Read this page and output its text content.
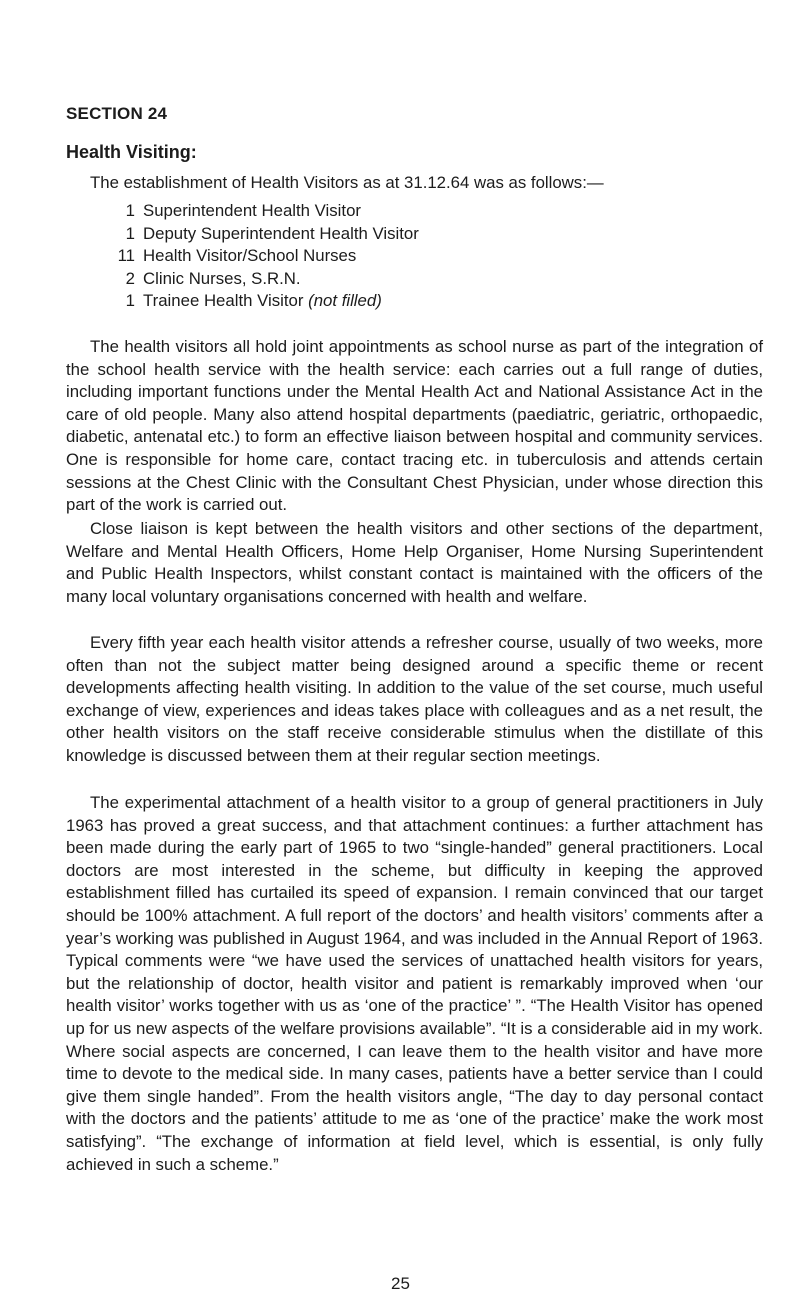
SECTION 24
Health Visiting:

The establishment of Health Visitors as at 31.12.64 was as follows:—

1 Superintendent Health Visitor
1 Deputy Superintendent Health Visitor
11 Health Visitor/School Nurses
2 Clinic Nurses, S.R.N.
1 Trainee Health Visitor
(not filled)

The health visitors all hold joint appointments as school nurse as part of the integration of the school health service with the health service: each carries out a full range of duties, including important functions under the Mental Health Act and National Assistance Act in the care of old people. Many also attend hospital departments (paediatric, geriatric, orthopaedic, diabetic, antenatal etc.) to form an effective liaison between hospital and community services. One is responsible for home care, contact tracing etc. in tuberculosis and attends certain sessions at the Chest Clinic with the Consultant Chest Physician, under whose direction this part of the work is carried out.

Close liaison is kept between the health visitors and other sections of the department, Welfare and Mental Health Officers, Home Help Organiser, Home Nursing Superintendent and Public Health Inspectors, whilst constant contact is maintained with the officers of the many local voluntary organisations concerned with health and welfare.

Every fifth year each health visitor attends a refresher course, usually of two weeks, more often than not the subject matter being designed around a specific theme or recent developments affecting health visiting. In addition to the value of the set course, much useful exchange of view, experiences and ideas takes place with colleagues and as a net result, the other health visitors on the staff receive considerable stimulus when the distillate of this knowledge is discussed between them at their regular section meetings.

The experimental attachment of a health visitor to a group of general practitioners in July 1963 has proved a great success, and that attachment continues: a further attachment has been made during the early part of 1965 to two “single-handed” general practitioners. Local doctors are most interested in the scheme, but difficulty in keeping the approved establishment filled has curtailed its speed of expansion. I remain convinced that our target should be 100% attachment. A full report of the doctors’ and health visitors’ comments after a year’s working was published in August 1964, and was included in the Annual Report of 1963. Typical comments were “we have used the services of unattached health visitors for years, but the relationship of doctor, health visitor and patient is remarkably improved when ‘our health visitor’ works together with us as ‘one of the practice’ ”. “The Health Visitor has opened up for us new aspects of the welfare provisions available”. “It is a considerable aid in my work. Where social aspects are concerned, I can leave them to the health visitor and have more time to devote to the medical side. In many cases, patients have a better service than I could give them single handed”. From the health visitors angle, “The day to day personal contact with the doctors and the patients’ attitude to me as ‘one of the practice’ make the work most satisfying”. “The exchange of information at field level, which is essential, is only fully achieved in such a scheme.”

25
